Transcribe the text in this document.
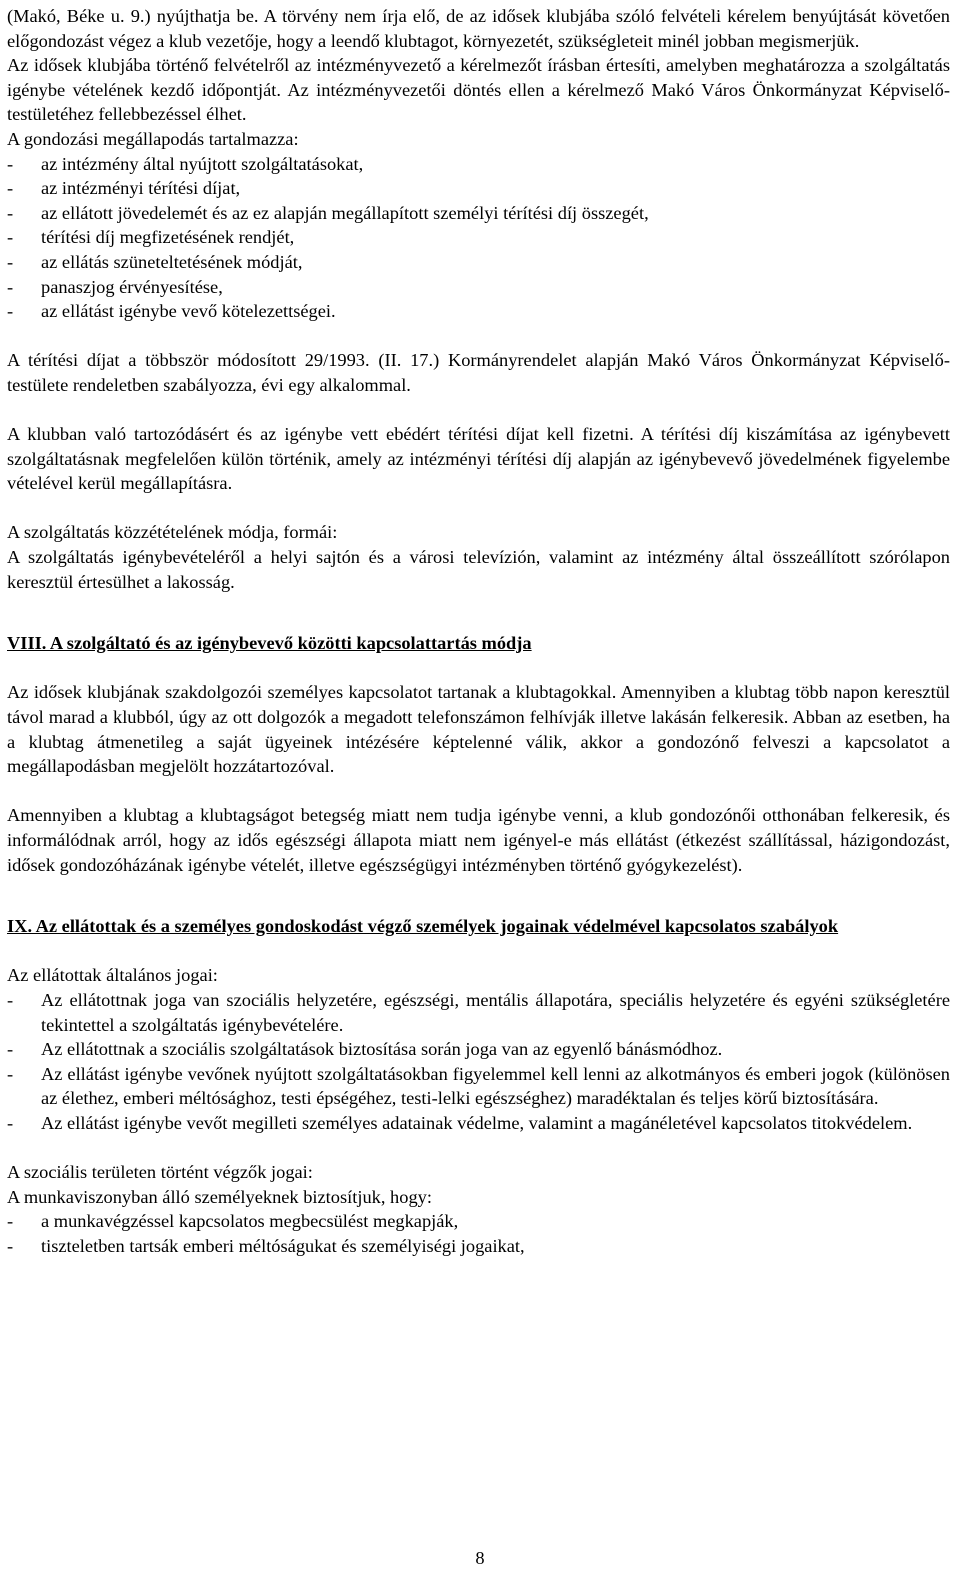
(Makó, Béke u. 9.) nyújthatja be. A törvény nem írja elő, de az idősek klubjába szóló felvételi kérelem benyújtását követően előgondozást végez a klub vezetője, hogy a leendő klubtagot, környezetét, szükségleteit minél jobban megismerjük.

Az idősek klubjába történő felvételről az intézményvezető a kérelmezőt írásban értesíti, amelyben meghatározza a szolgáltatás igénybe vételének kezdő időpontját. Az intézményvezetői döntés ellen a kérelmező Makó Város Önkormányzat Képviselő-testületéhez fellebbezéssel élhet.

A gondozási megállapodás tartalmazza:

- az intézmény által nyújtott szolgáltatásokat,
- az intézményi térítési díjat,
- az ellátott jövedelemét és az ez alapján megállapított személyi térítési díj összegét,
- térítési díj megfizetésének rendjét,
- az ellátás szüneteltetésének módját,
- panaszjog érvényesítése,
- az ellátást igénybe vevő kötelezettségei.

A térítési díjat a többször módosított 29/1993. (II. 17.) Kormányrendelet alapján Makó Város Önkormányzat Képviselő-testülete rendeletben szabályozza, évi egy alkalommal.

A klubban való tartozódásért és az igénybe vett ebédért térítési díjat kell fizetni. A térítési díj kiszámítása az igénybevett szolgáltatásnak megfelelően külön történik, amely az intézményi térítési díj alapján az igénybevevő jövedelmének figyelembe vételével kerül megállapításra.

A szolgáltatás közzétételének módja, formái:

A szolgáltatás igénybevételéről a helyi sajtón és a városi televízión, valamint az intézmény által összeállított szórólapon keresztül értesülhet a lakosság.

VIII. A szolgáltató és az igénybevevő közötti kapcsolattartás módja

Az idősek klubjának szakdolgozói személyes kapcsolatot tartanak a klubtagokkal. Amennyiben a klubtag több napon keresztül távol marad a klubból, úgy az ott dolgozók a megadott telefonszámon felhívják illetve lakásán felkeresik. Abban az esetben, ha a klubtag átmenetileg a saját ügyeinek intézésére képtelenné válik, akkor a gondozónő felveszi a kapcsolatot a megállapodásban megjelölt hozzátartozóval.

Amennyiben a klubtag a klubtagságot betegség miatt nem tudja igénybe venni, a klub gondozónői otthonában felkeresik, és informálódnak arról, hogy az idős egészségi állapota miatt nem igényel-e más ellátást (étkezést szállítással, házigondozást, idősek gondozóházának igénybe vételét, illetve egészségügyi intézményben történő gyógykezelést).

IX. Az ellátottak és a személyes gondoskodást végző személyek jogainak védelmével kapcsolatos szabályok

Az ellátottak általános jogai:

- Az ellátottnak joga van szociális helyzetére, egészségi, mentális állapotára, speciális helyzetére és egyéni szükségletére tekintettel a szolgáltatás igénybevételére.
- Az ellátottnak a szociális szolgáltatások biztosítása során joga van az egyenlő bánásmódhoz.
- Az ellátást igénybe vevőnek nyújtott szolgáltatásokban figyelemmel kell lenni az alkotmányos és emberi jogok (különösen az élethez, emberi méltósághoz, testi épségéhez, testi-lelki egészséghez) maradéktalan és teljes körű biztosítására.
- Az ellátást igénybe vevőt megilleti személyes adatainak védelme, valamint a magánéletével kapcsolatos titokvédelem.

A szociális területen történt végzők jogai:

A munkaviszonyban álló személyeknek biztosítjuk, hogy:

- a munkavégzéssel kapcsolatos megbecsülést megkapják,
- tiszteletben tartsák emberi méltóságukat és személyiségi jogaikat,
8
